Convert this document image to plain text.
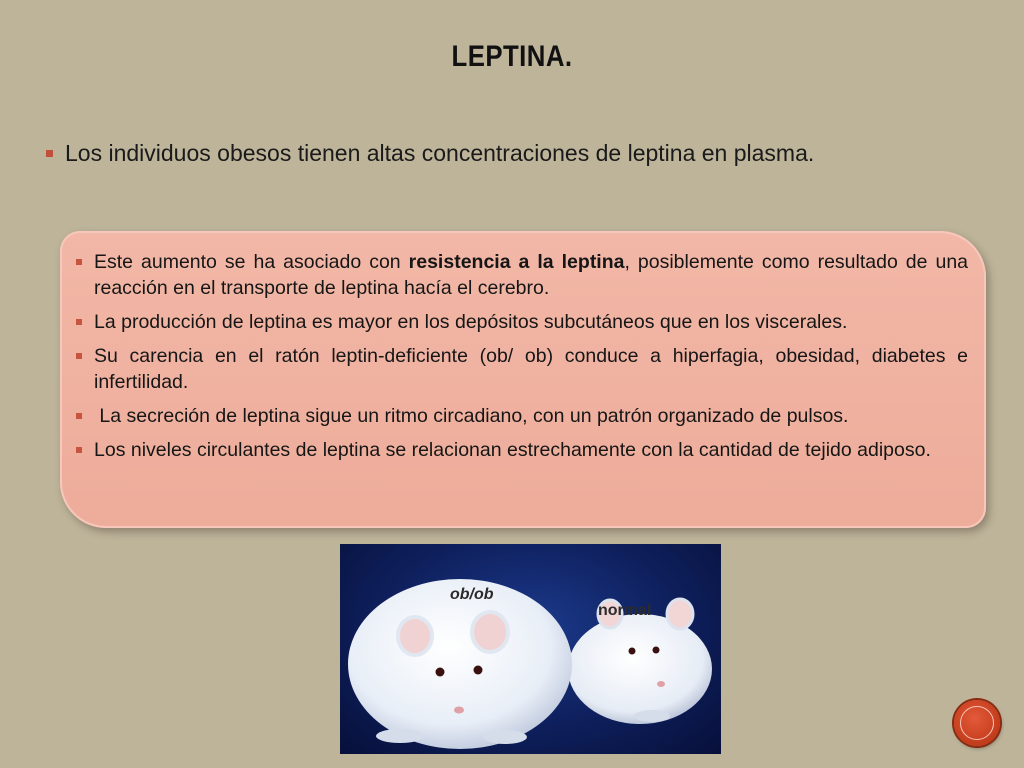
LEPTINA.
Los individuos obesos tienen altas concentraciones de leptina en plasma.
Este aumento se ha asociado con resistencia a la leptina, posiblemente como resultado de una reacción en el transporte de leptina hacía el cerebro.
La producción de leptina es mayor en los depósitos subcutáneos que en los viscerales.
Su carencia en el ratón leptin-deficiente (ob/ ob) conduce a hiperfagia, obesidad, diabetes e infertilidad.
La secreción de leptina sigue un ritmo circadiano, con un patrón organizado de pulsos.
Los niveles circulantes de leptina se relacionan estrechamente con la cantidad de tejido adiposo.
ob/ob
normal
